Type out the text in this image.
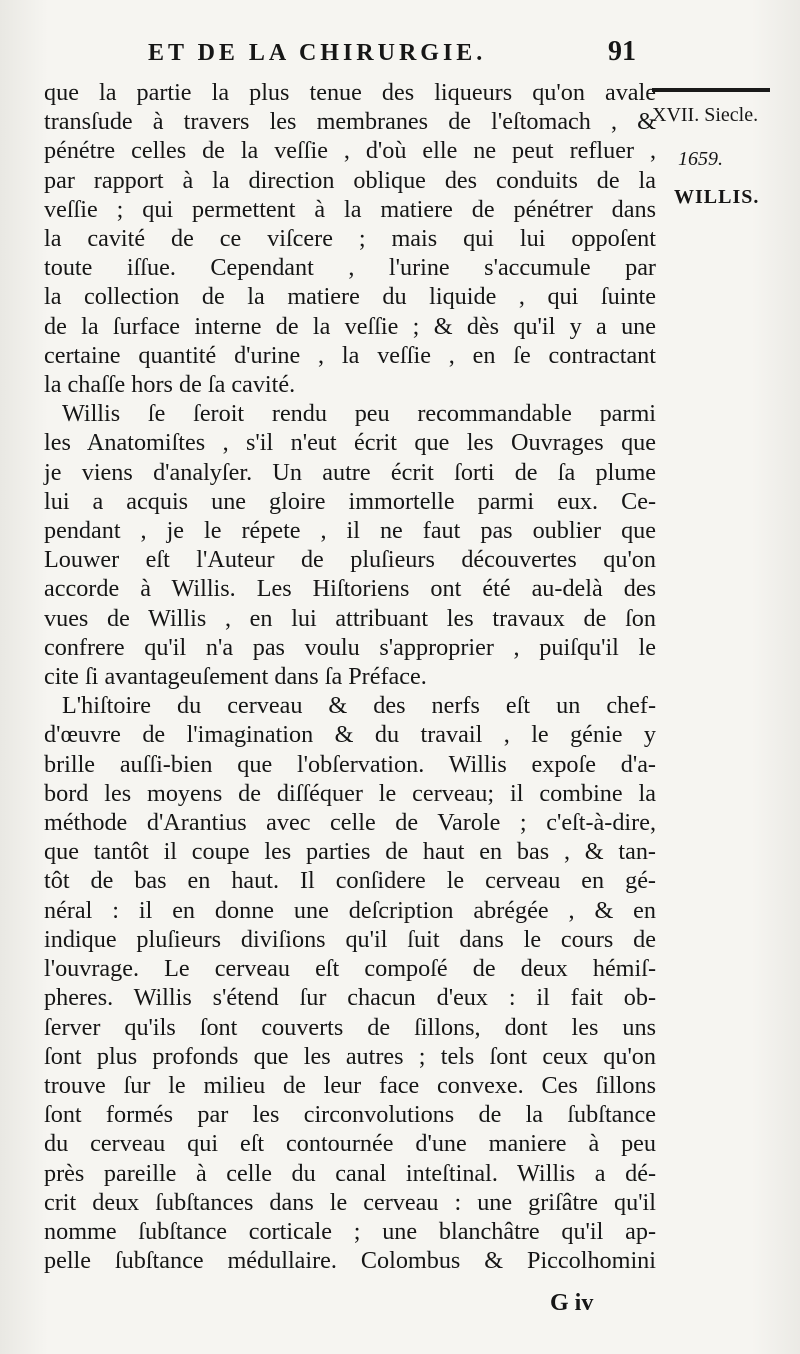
ET DE LA CHIRURGIE.	91
XVII. Siecle.
1659.
WILLIS.
que la partie la plus tenue des liqueurs qu'on avale
transſude à travers les membranes de l'eſtomach , &
pénétre celles de la veſſie , d'où elle ne peut refluer ,
par rapport à la direction oblique des conduits de la
veſſie ; qui permettent à la matiere de pénétrer dans
la cavité de ce viſcere ; mais qui lui oppoſent
toute iſſue. Cependant , l'urine s'accumule par
la collection de la matiere du liquide , qui ſuinte
de la ſurface interne de la veſſie ; & dès qu'il y a une
certaine quantité d'urine , la veſſie , en ſe contractant
la chaſſe hors de ſa cavité.
Willis ſe ſeroit rendu peu recommandable parmi
les Anatomiſtes , s'il n'eut écrit que les Ouvrages que
je viens d'analyſer. Un autre écrit ſorti de ſa plume
lui a acquis une gloire immortelle parmi eux. Ce-
pendant , je le répete , il ne faut pas oublier que
Louwer eſt l'Auteur de pluſieurs découvertes qu'on
accorde à Willis. Les Hiſtoriens ont été au-delà des
vues de Willis , en lui attribuant les travaux de ſon
confrere qu'il n'a pas voulu s'approprier , puiſqu'il le
cite ſi avantageuſement dans ſa Préface.
L'hiſtoire du cerveau & des nerfs eſt un chef-
d'œuvre de l'imagination & du travail , le génie y
brille auſſi-bien que l'obſervation. Willis expoſe d'a-
bord les moyens de diſſéquer le cerveau; il combine la
méthode d'Arantius avec celle de Varole ; c'eſt-à-dire,
que tantôt il coupe les parties de haut en bas , & tan-
tôt de bas en haut. Il conſidere le cerveau en gé-
néral : il en donne une deſcription abrégée , & en
indique pluſieurs diviſions qu'il ſuit dans le cours de
l'ouvrage. Le cerveau eſt compoſé de deux hémiſ-
pheres. Willis s'étend ſur chacun d'eux : il fait ob-
ſerver qu'ils ſont couverts de ſillons, dont les uns
ſont plus profonds que les autres ; tels ſont ceux qu'on
trouve ſur le milieu de leur face convexe. Ces ſillons
ſont formés par les circonvolutions de la ſubſtance
du cerveau qui eſt contournée d'une maniere à peu
près pareille à celle du canal inteſtinal. Willis a dé-
crit deux ſubſtances dans le cerveau : une griſâtre qu'il
nomme ſubſtance corticale ; une blanchâtre qu'il ap-
pelle ſubſtance médullaire. Colombus & Piccolhomini
G iv
